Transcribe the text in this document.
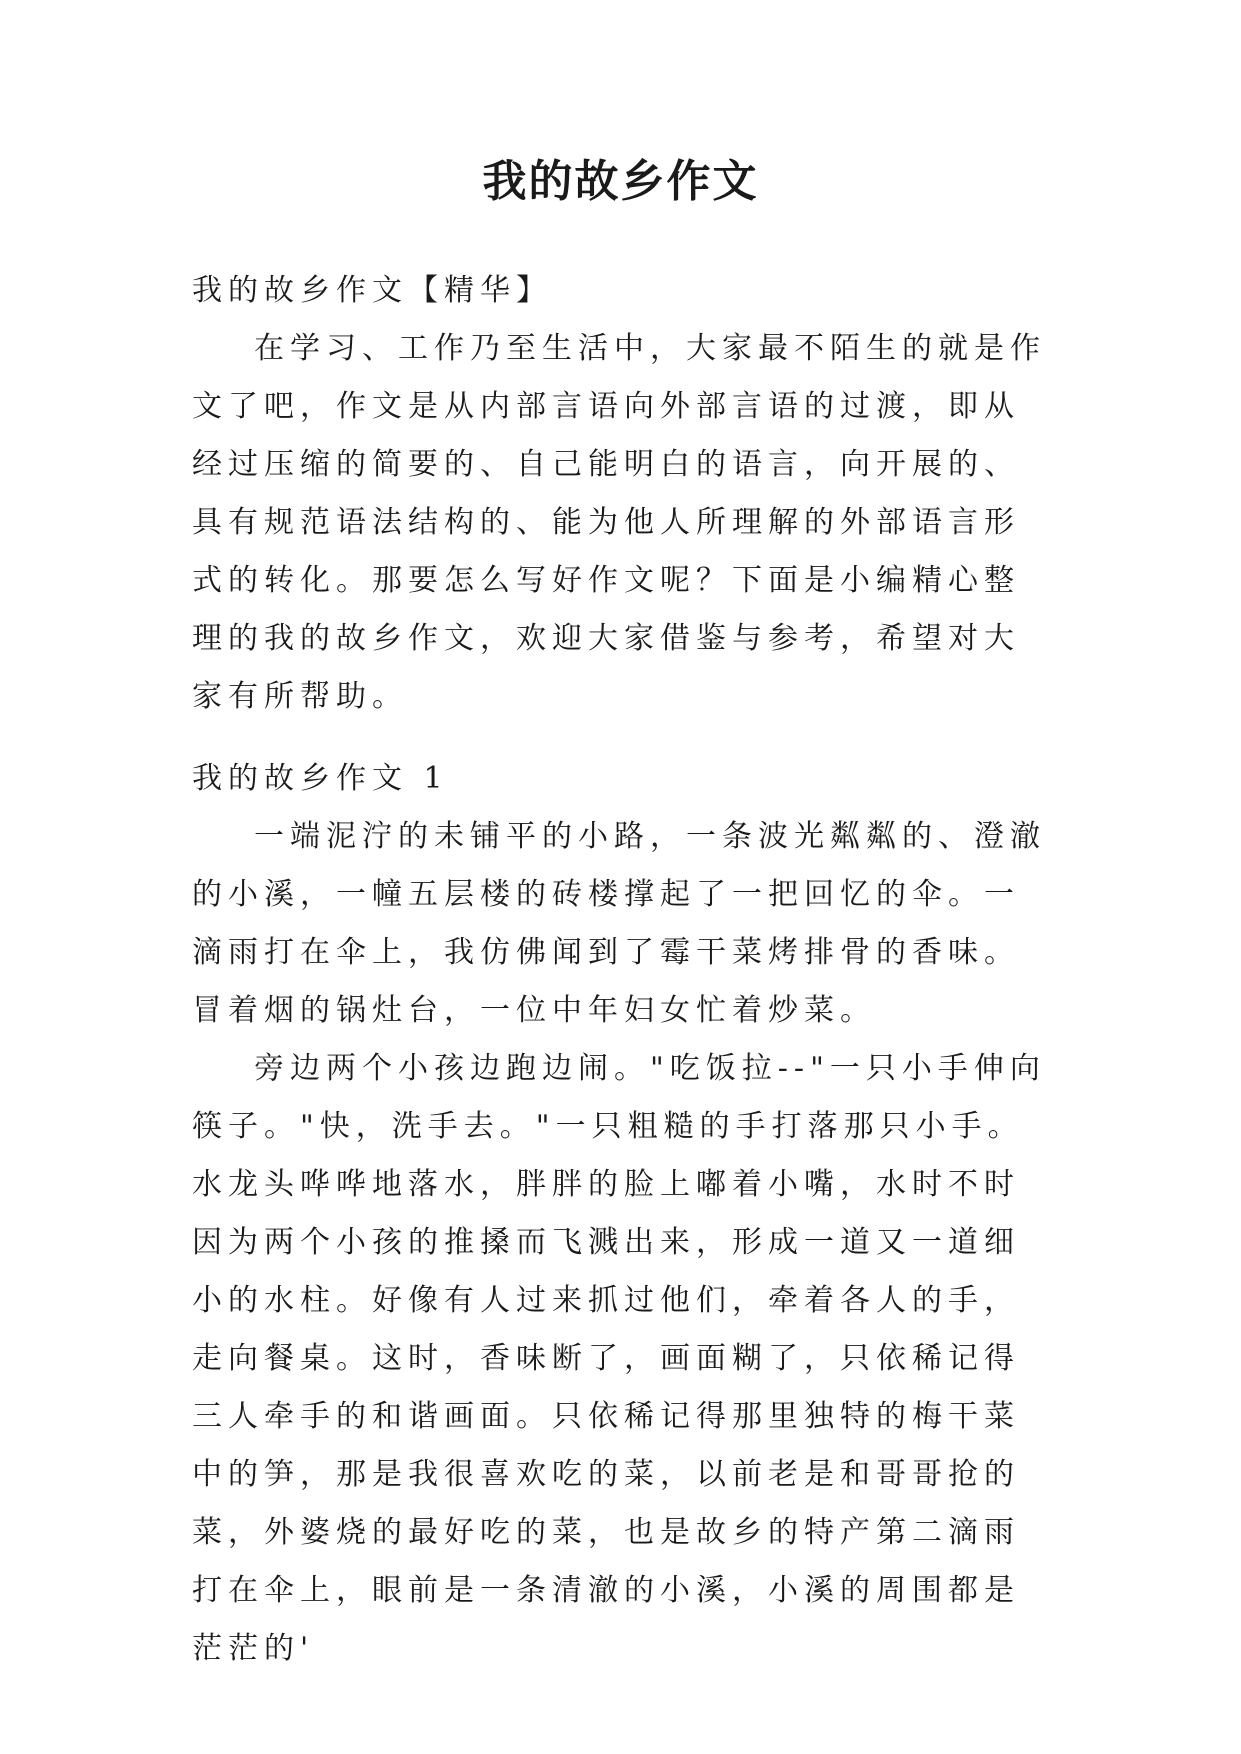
我的故乡作文

我的故乡作文【精华】

在学习、工作乃至生活中，大家最不陌生的就是作文了吧，作文是从内部言语向外部言语的过渡，即从经过压缩的简要的、自己能明白的语言，向开展的、具有规范语法结构的、能为他人所理解的外部语言形式的转化。那要怎么写好作文呢？下面是小编精心整理的我的故乡作文，欢迎大家借鉴与参考，希望对大家有所帮助。

我的故乡作文 1

一端泥泞的未铺平的小路，一条波光粼粼的、澄澈的小溪，一幢五层楼的砖楼撑起了一把回忆的伞。一滴雨打在伞上，我仿佛闻到了霉干菜烤排骨的香味。冒着烟的锅灶台，一位中年妇女忙着炒菜。

旁边两个小孩边跑边闹。"吃饭拉--"一只小手伸向筷子。"快，洗手去。"一只粗糙的手打落那只小手。水龙头哗哗地落水，胖胖的脸上嘟着小嘴，水时不时因为两个小孩的推搡而飞溅出来，形成一道又一道细小的水柱。好像有人过来抓过他们，牵着各人的手，走向餐桌。这时，香味断了，画面糊了，只依稀记得三人牵手的和谐画面。只依稀记得那里独特的梅干菜中的笋，那是我很喜欢吃的菜，以前老是和哥哥抢的菜，外婆烧的最好吃的菜，也是故乡的特产第二滴雨打在伞上，眼前是一条清澈的小溪，小溪的周围都是茫茫的'
